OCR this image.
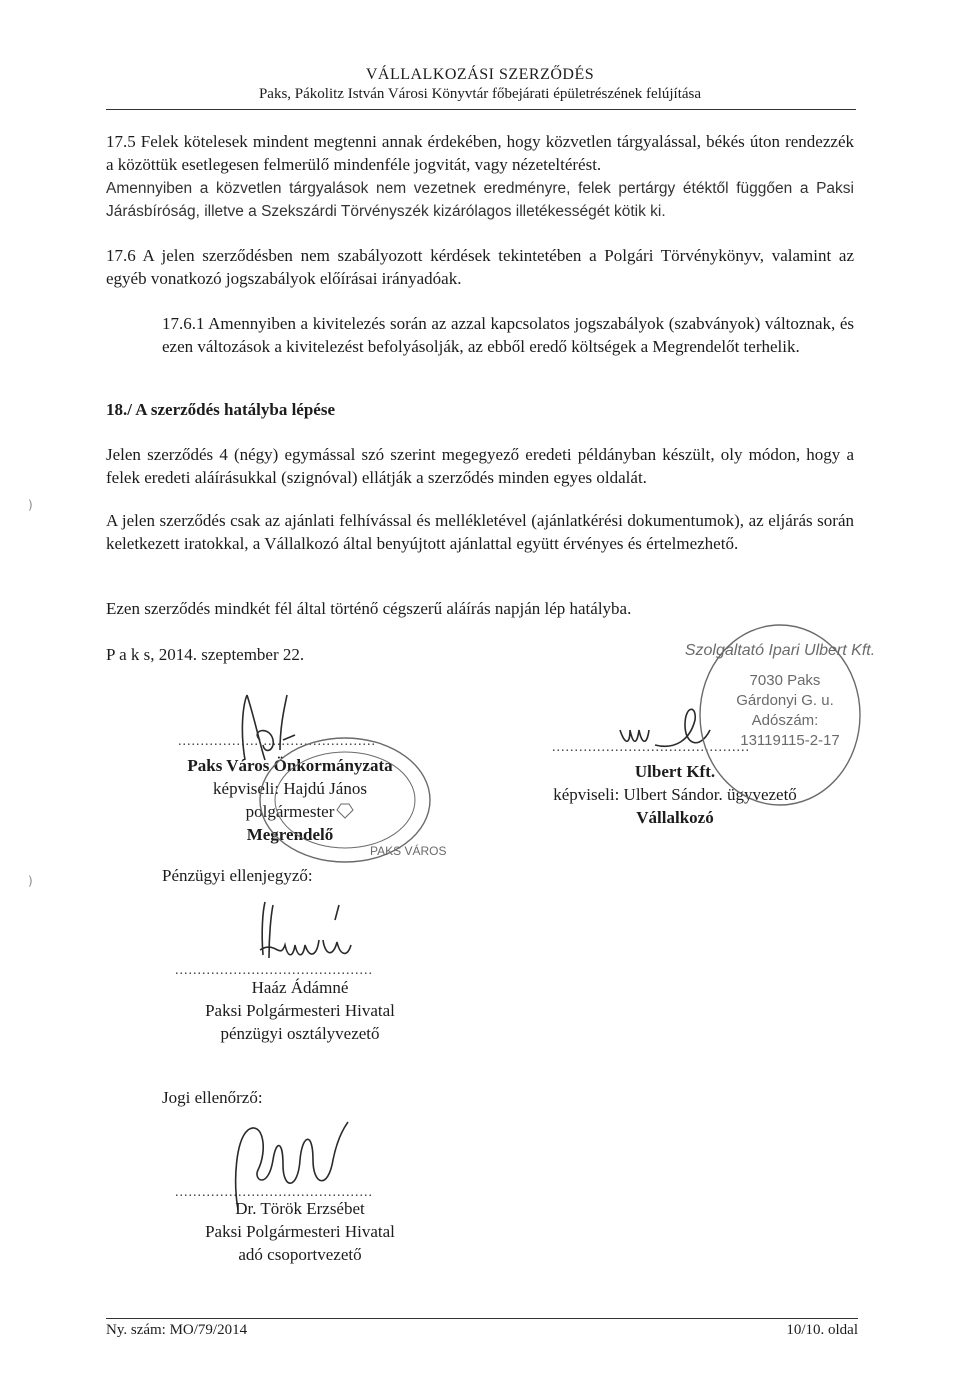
VÁLLALKOZÁSI SZERZŐDÉS
Paks, Pákolitz István Városi Könyvtár főbejárati épületrészének felújítása
17.5 Felek kötelesek mindent megtenni annak érdekében, hogy közvetlen tárgyalással, békés úton rendezzék a közöttük esetlegesen felmerülő mindenféle jogvitát, vagy nézeteltérést.
Amennyiben a közvetlen tárgyalások nem vezetnek eredményre, felek pertárgy étéktől függően a Paksi Járásbíróság, illetve a Szekszárdi Törvényszék kizárólagos illetékességét kötik ki.
17.6 A jelen szerződésben nem szabályozott kérdések tekintetében a Polgári Törvénykönyv, valamint az egyéb vonatkozó jogszabályok előírásai irányadóak.
17.6.1 Amennyiben a kivitelezés során az azzal kapcsolatos jogszabályok (szabványok) változnak, és ezen változások a kivitelezést befolyásolják, az ebből eredő költségek a Megrendelőt terhelik.
18./ A szerződés hatályba lépése
Jelen szerződés 4 (négy) egymással szó szerint megegyező eredeti példányban készült, oly módon, hogy a felek eredeti aláírásukkal (szignóval) ellátják a szerződés minden egyes oldalát.
A jelen szerződés csak az ajánlati felhívással és mellékletével (ajánlatkérési dokumentumok), az eljárás során keletkezett iratokkal, a Vállalkozó által benyújtott ajánlattal együtt érvényes és értelmezhető.
Ezen szerződés mindkét fél által történő cégszerű aláírás napján lép hatályba.
P a k s, 2014. szeptember 22.
)
)
............................................
Paks Város Önkormányzata
képviseli: Hajdú János
polgármester
Megrendelő
PAKS VÁROS
............................................
Ulbert Kft.
képviseli: Ulbert Sándor. ügyvezető
Vállalkozó
Szolgáltató Ipari Ulbert Kft.
7030 Paks
Gárdonyi G. u.
Adószám:
13119115-2-17
Pénzügyi ellenjegyző:
............................................
Haáz Ádámné
Paksi Polgármesteri Hivatal
pénzügyi osztályvezető
Jogi ellenőrző:
............................................
Dr. Török Erzsébet
Paksi Polgármesteri Hivatal
adó csoportvezető
Ny. szám: MO/79/2014	10/10. oldal
